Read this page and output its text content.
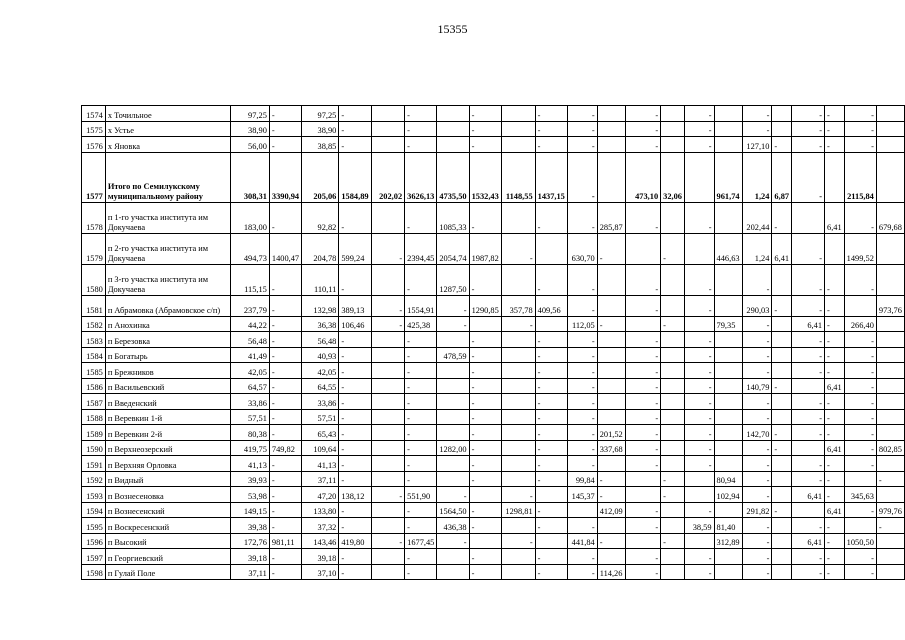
15355
1574	х Точильное	97,25	-	97,25	-		-		-		-	-		-		-		-		-	-	-	
1575	х Устье	38,90	-	38,90	-		-		-		-	-		-		-		-		-	-	-	
1576	х Яновка	56,00	-	38,85	-		-		-		-	-		-		-		127,10	-	-	-	-	
1577	Итого по Семилукскому муниципальному району	308,31	3390,94	205,06	1584,89	202,02	3626,13	4735,50	1532,43	1148,55	1437,15	-		473,10	32,06		961,74	1,24	6,87	-		2115,84	
1578	п 1-го участка института им Докучаева	183,00	-	92,82	-		-	1085,33	-		-	-	285,87	-		-		202,44	-		6,41	-	679,68
1579	п 2-го участка института им Докучаева	494,73	1400,47	204,78	599,24	-	2394,45	2054,74	1987,82	-		630,70	-		-		446,63	1,24	6,41	-		1499,52	
1580	п 3-го участка института им Докучаева	115,15	-	110,11	-		-	1287,50	-		-	-		-		-		-		-	-	-	
1581	п Абрамовка (Абрамовское с/п)	237,79	-	132,98	389,13	-	1554,91	-	1290,85	357,78	409,56	-		-		-		290,03	-	-	-		973,76
1582	п Анохинка	44,22	-	36,38	106,46	-	425,38	-		-		112,05	-		-		79,35	-		6,41	-	266,40	
1583	п Березовка	56,48	-	56,48	-		-		-		-	-		-		-		-		-	-	-	
1584	п Богатырь	41,49	-	40,93	-		-	478,59	-		-	-		-		-		-		-	-	-	
1585	п Брежников	42,05	-	42,05	-		-		-		-	-		-		-		-		-	-	-	
1586	п Васильевский	64,57	-	64,55	-		-		-		-	-		-		-		140,79	-		6,41	-	
1587	п Введенский	33,86	-	33,86	-		-		-		-	-		-		-		-		-	-	-	
1588	п Веревкин 1-й	57,51	-	57,51	-		-		-		-	-		-		-		-		-	-	-	
1589	п Веревкин 2-й	80,38	-	65,43	-		-		-		-	-	201,52	-		-		142,70	-	-	-	-	
1590	п Верхнеозерский	419,75	749,82	109,64	-		-	1282,00	-		-	-	337,68	-		-		-	-		6,41	-	802,85
1591	п Верхняя Орловка	41,13	-	41,13	-		-		-		-	-		-		-		-		-	-	-	
1592	п Видный	39,93	-	37,11	-		-		-		-	99,84	-		-		80,94	-		-	-		-
1593	п Вознесеновка	53,98	-	47,20	138,12	-	551,90	-		-		145,37	-		-		102,94	-		6,41	-	345,63	
1594	п Вознесенский	149,15	-	133,80	-		-	1564,50	-	1298,81	-		412,09	-		-		291,82	-		6,41	-	979,76
1595	п Воскресенский	39,38	-	37,32	-		-	436,38	-		-	-		-		38,59	81,40	-		-	-		-
1596	п Высокий	172,76	981,11	143,46	419,80	-	1677,45	-		-		441,84	-		-		312,89	-		6,41	-	1050,50	
1597	п Георгиевский	39,18	-	39,18	-		-		-		-	-		-		-		-		-	-	-	
1598	п Гулай Поле	37,11	-	37,10	-		-		-		-	-	114,26	-		-		-		-	-	-	
